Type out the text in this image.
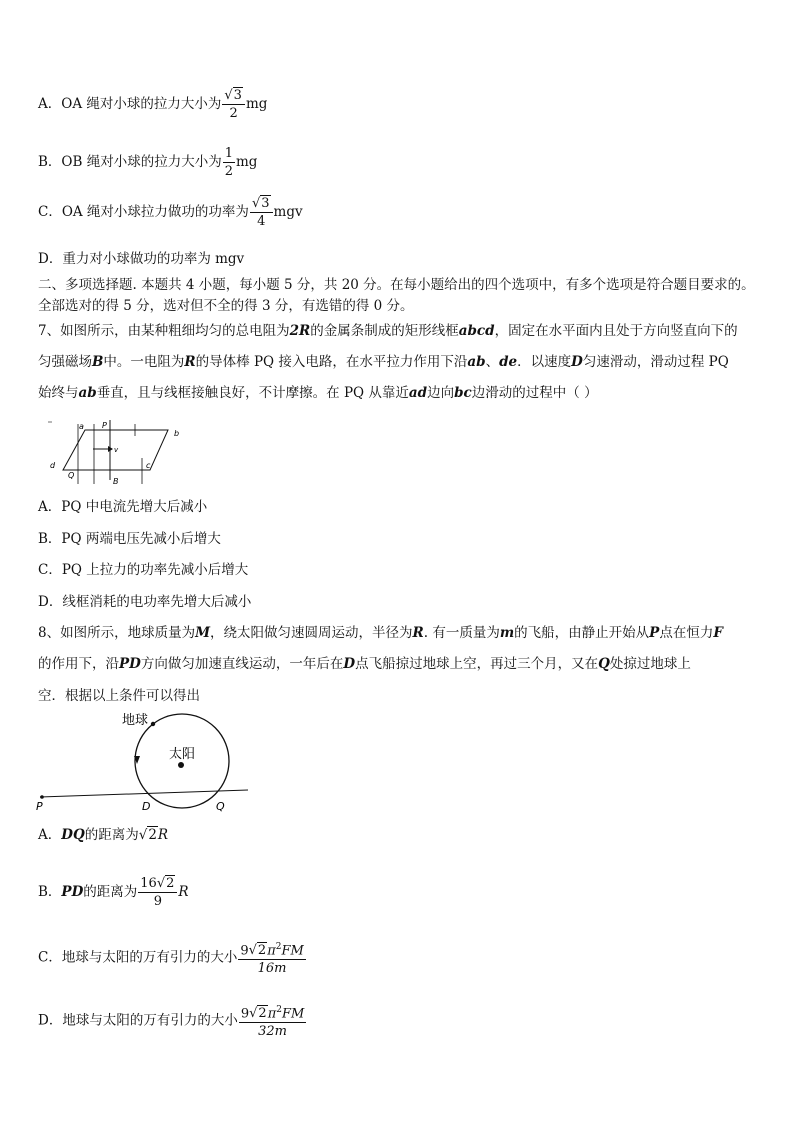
A．OA 绳对小球的拉力大小为 $\frac{√3}{2}$ mg
B．OB 绳对小球的拉力大小为 $\frac{1}{2}$ mg
C．OA 绳对小球拉力做功的功率为 $\frac{√3}{4}$ mgv
D．重力对小球做功的功率为 mgv
二、多项选择题. 本题共 4 小题，每小题 5 分，共 20 分。在每小题给出的四个选项中，有多个选项是符合题目要求的。
全部选对的得 5 分，选对但不全的得 3 分，有选错的得 0 分。
7、如图所示，由某种粗细均匀的总电阻为2R的金属条制成的矩形线框abcd，固定在水平面内且处于方向竖直向下的
匀强磁场B中。一电阻为R的导体棒 PQ 接入电路，在水平拉力作用下沿ab、de．以速度D匀速滑动，滑动过程 PQ
始终与ab垂直，且与线框接触良好，不计摩擦。在 PQ 从靠近ad边向bc边滑动的过程中（ ）
a P
b
v
d
Q
c
B
A．PQ 中电流先增大后减小
B．PQ 两端电压先减小后增大
C．PQ 上拉力的功率先减小后增大
D．线框消耗的电功率先增大后减小
8、如图所示，地球质量为M，绕太阳做匀速圆周运动，半径为R. 有一质量为m的飞船，由静止开始从P点在恒力F
的作用下，沿PD方向做匀加速直线运动，一年后在D点飞船掠过地球上空，再过三个月，又在Q处掠过地球上
空．根据以上条件可以得出
地球
太阳
P	D	Q
A．DQ的距离为√2R
B．PD的距离为 $\frac{16√2}{9}$ R
C．地球与太阳的万有引力的大小 $\frac{9√2\pi^2FM}{16m}$
D．地球与太阳的万有引力的大小 $\frac{9√2\pi^2FM}{32m}$
